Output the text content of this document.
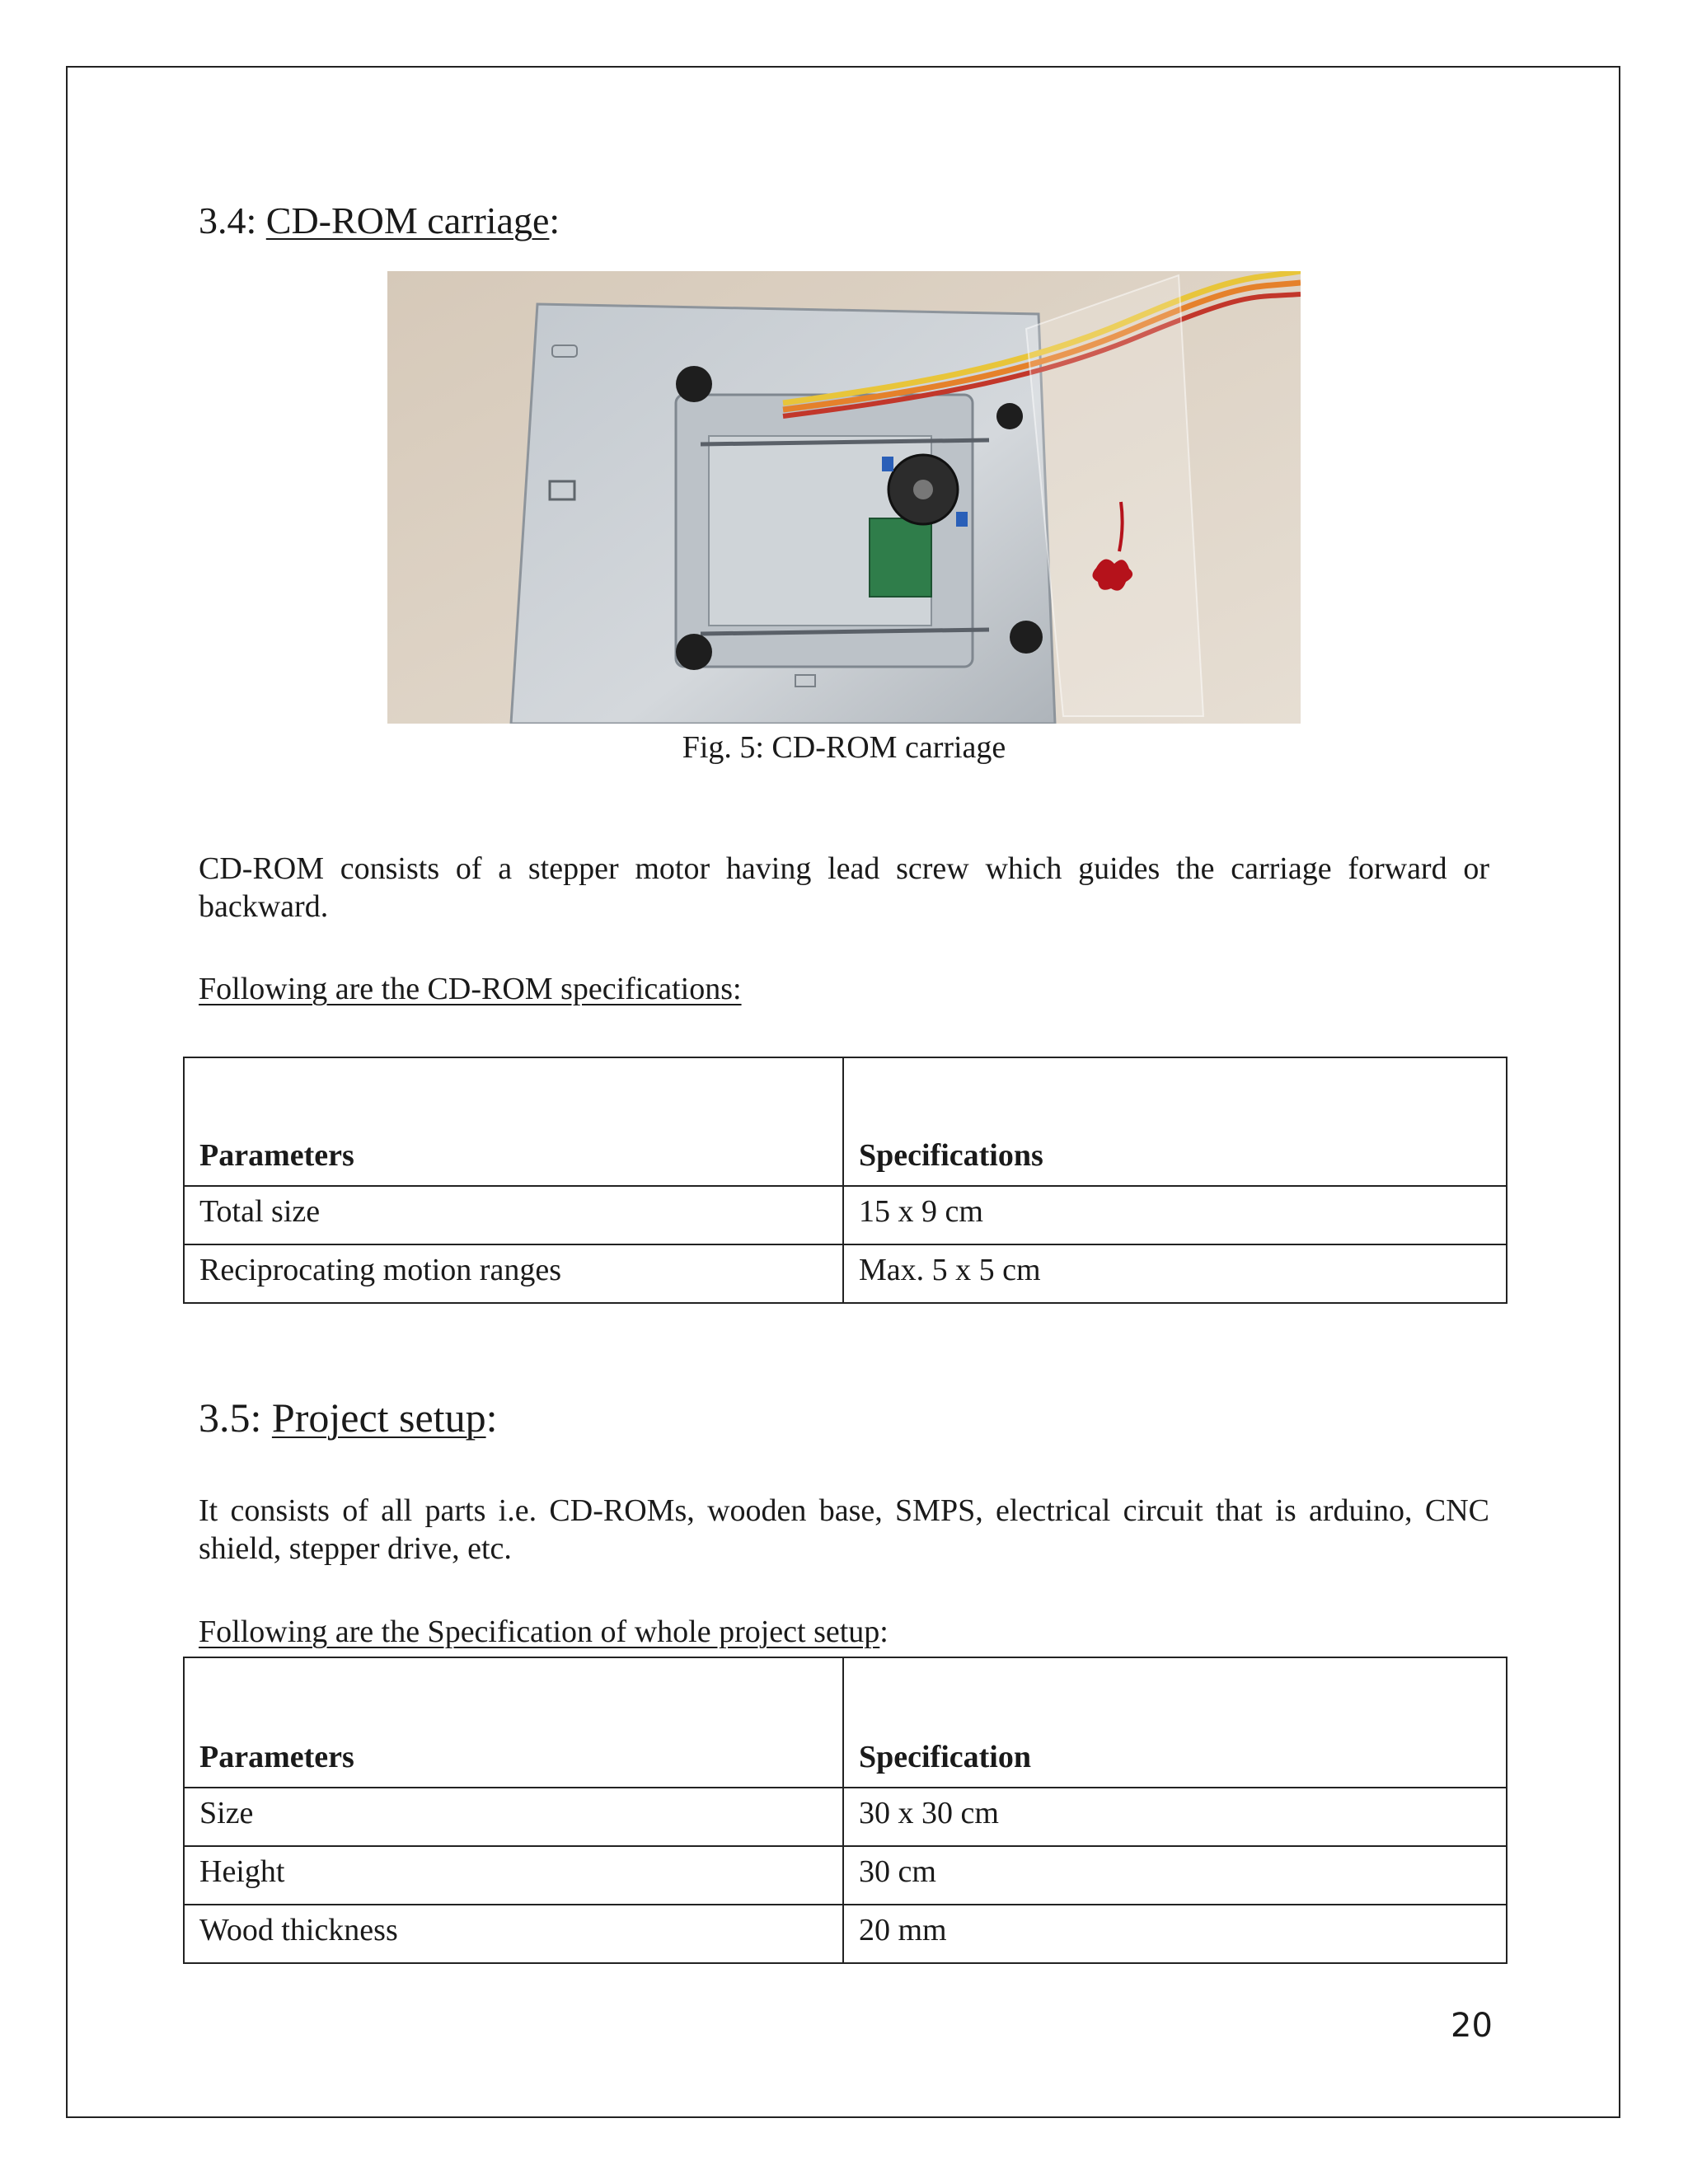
3.4: CD-ROM carriage:
Fig. 5: CD-ROM carriage
CD-ROM consists of a stepper motor having lead screw which guides the carriage forward or backward.
Following are the CD-ROM specifications:
Parameters	Specifications
Total size	15 x 9 cm
Reciprocating motion ranges	Max. 5 x 5 cm
3.5: Project setup:
It consists of all parts i.e. CD-ROMs, wooden base, SMPS, electrical circuit that is arduino, CNC shield, stepper drive, etc.
Following are the Specification of whole project setup:
Parameters	Specification
Size	30 x 30 cm
Height	30 cm
Wood thickness	20 mm
20
